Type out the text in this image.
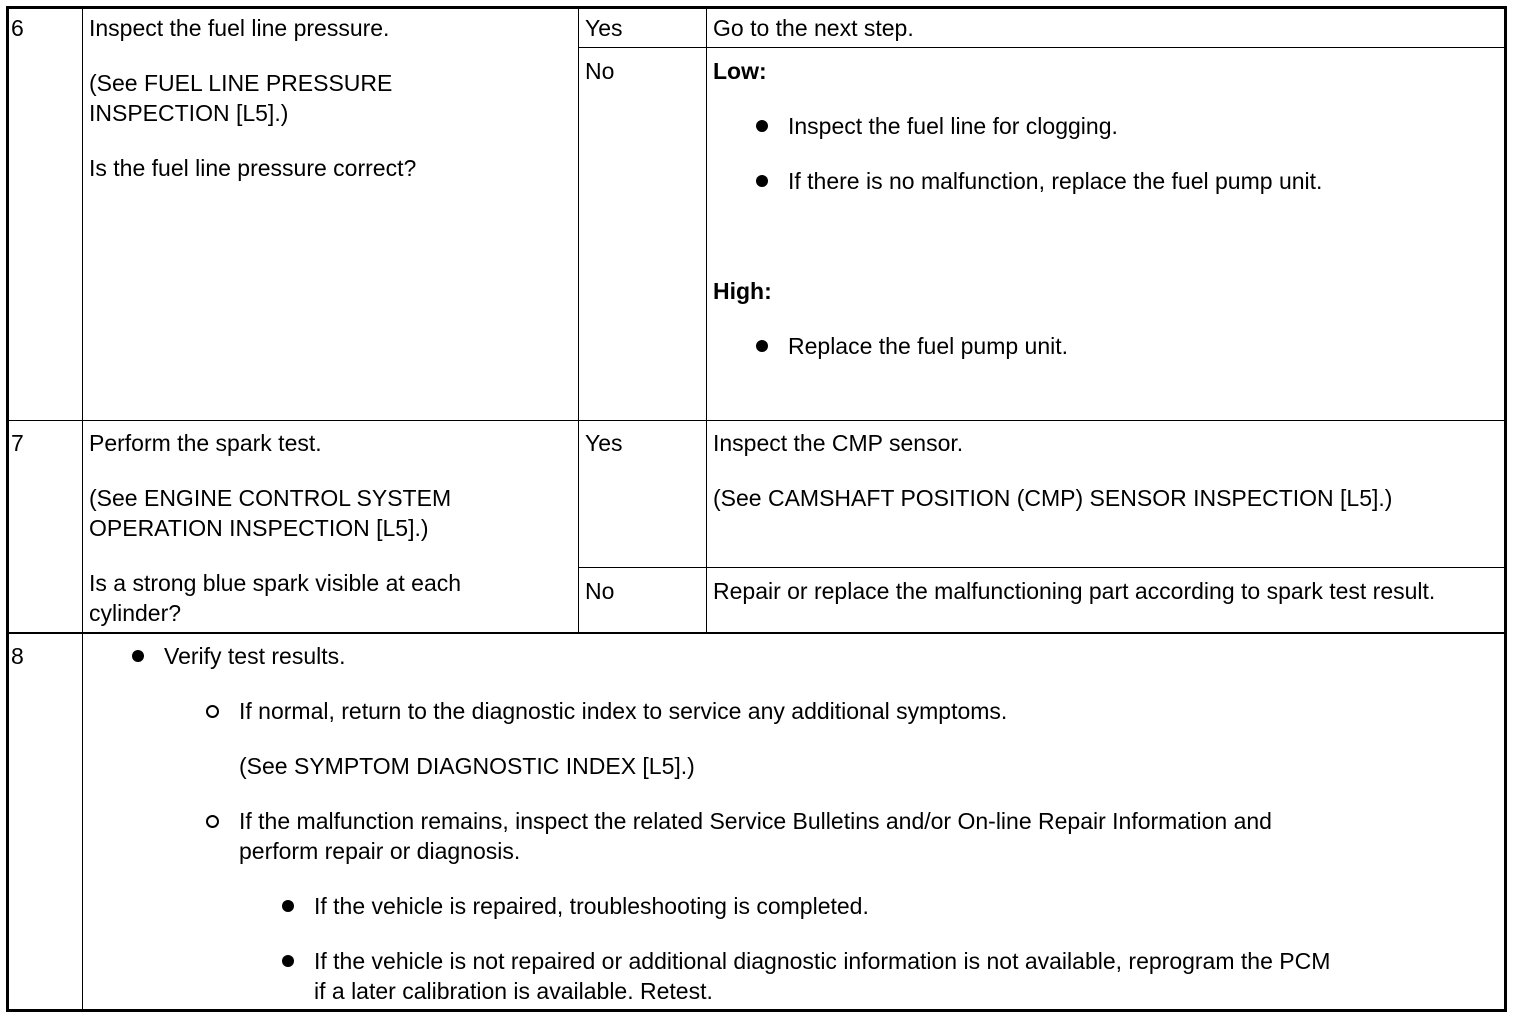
6	Inspect the fuel line pressure.
(See FUEL LINE PRESSURE
INSPECTION [L5].)
Is the fuel line pressure correct?
Yes	Go to the next step.
No	Low:
Inspect the fuel line for clogging.
If there is no malfunction, replace the fuel pump unit.
High:
Replace the fuel pump unit.
7	Perform the spark test.
(See ENGINE CONTROL SYSTEM
OPERATION INSPECTION [L5].)
Is a strong blue spark visible at each
cylinder?
Yes	Inspect the CMP sensor.
(See CAMSHAFT POSITION (CMP) SENSOR INSPECTION [L5].)
No	Repair or replace the malfunctioning part according to spark test result.
8	Verify test results.
If normal, return to the diagnostic index to service any additional symptoms.
(See SYMPTOM DIAGNOSTIC INDEX [L5].)
If the malfunction remains, inspect the related Service Bulletins and/or On-line Repair Information and
perform repair or diagnosis.
If the vehicle is repaired, troubleshooting is completed.
If the vehicle is not repaired or additional diagnostic information is not available, reprogram the PCM
if a later calibration is available. Retest.
